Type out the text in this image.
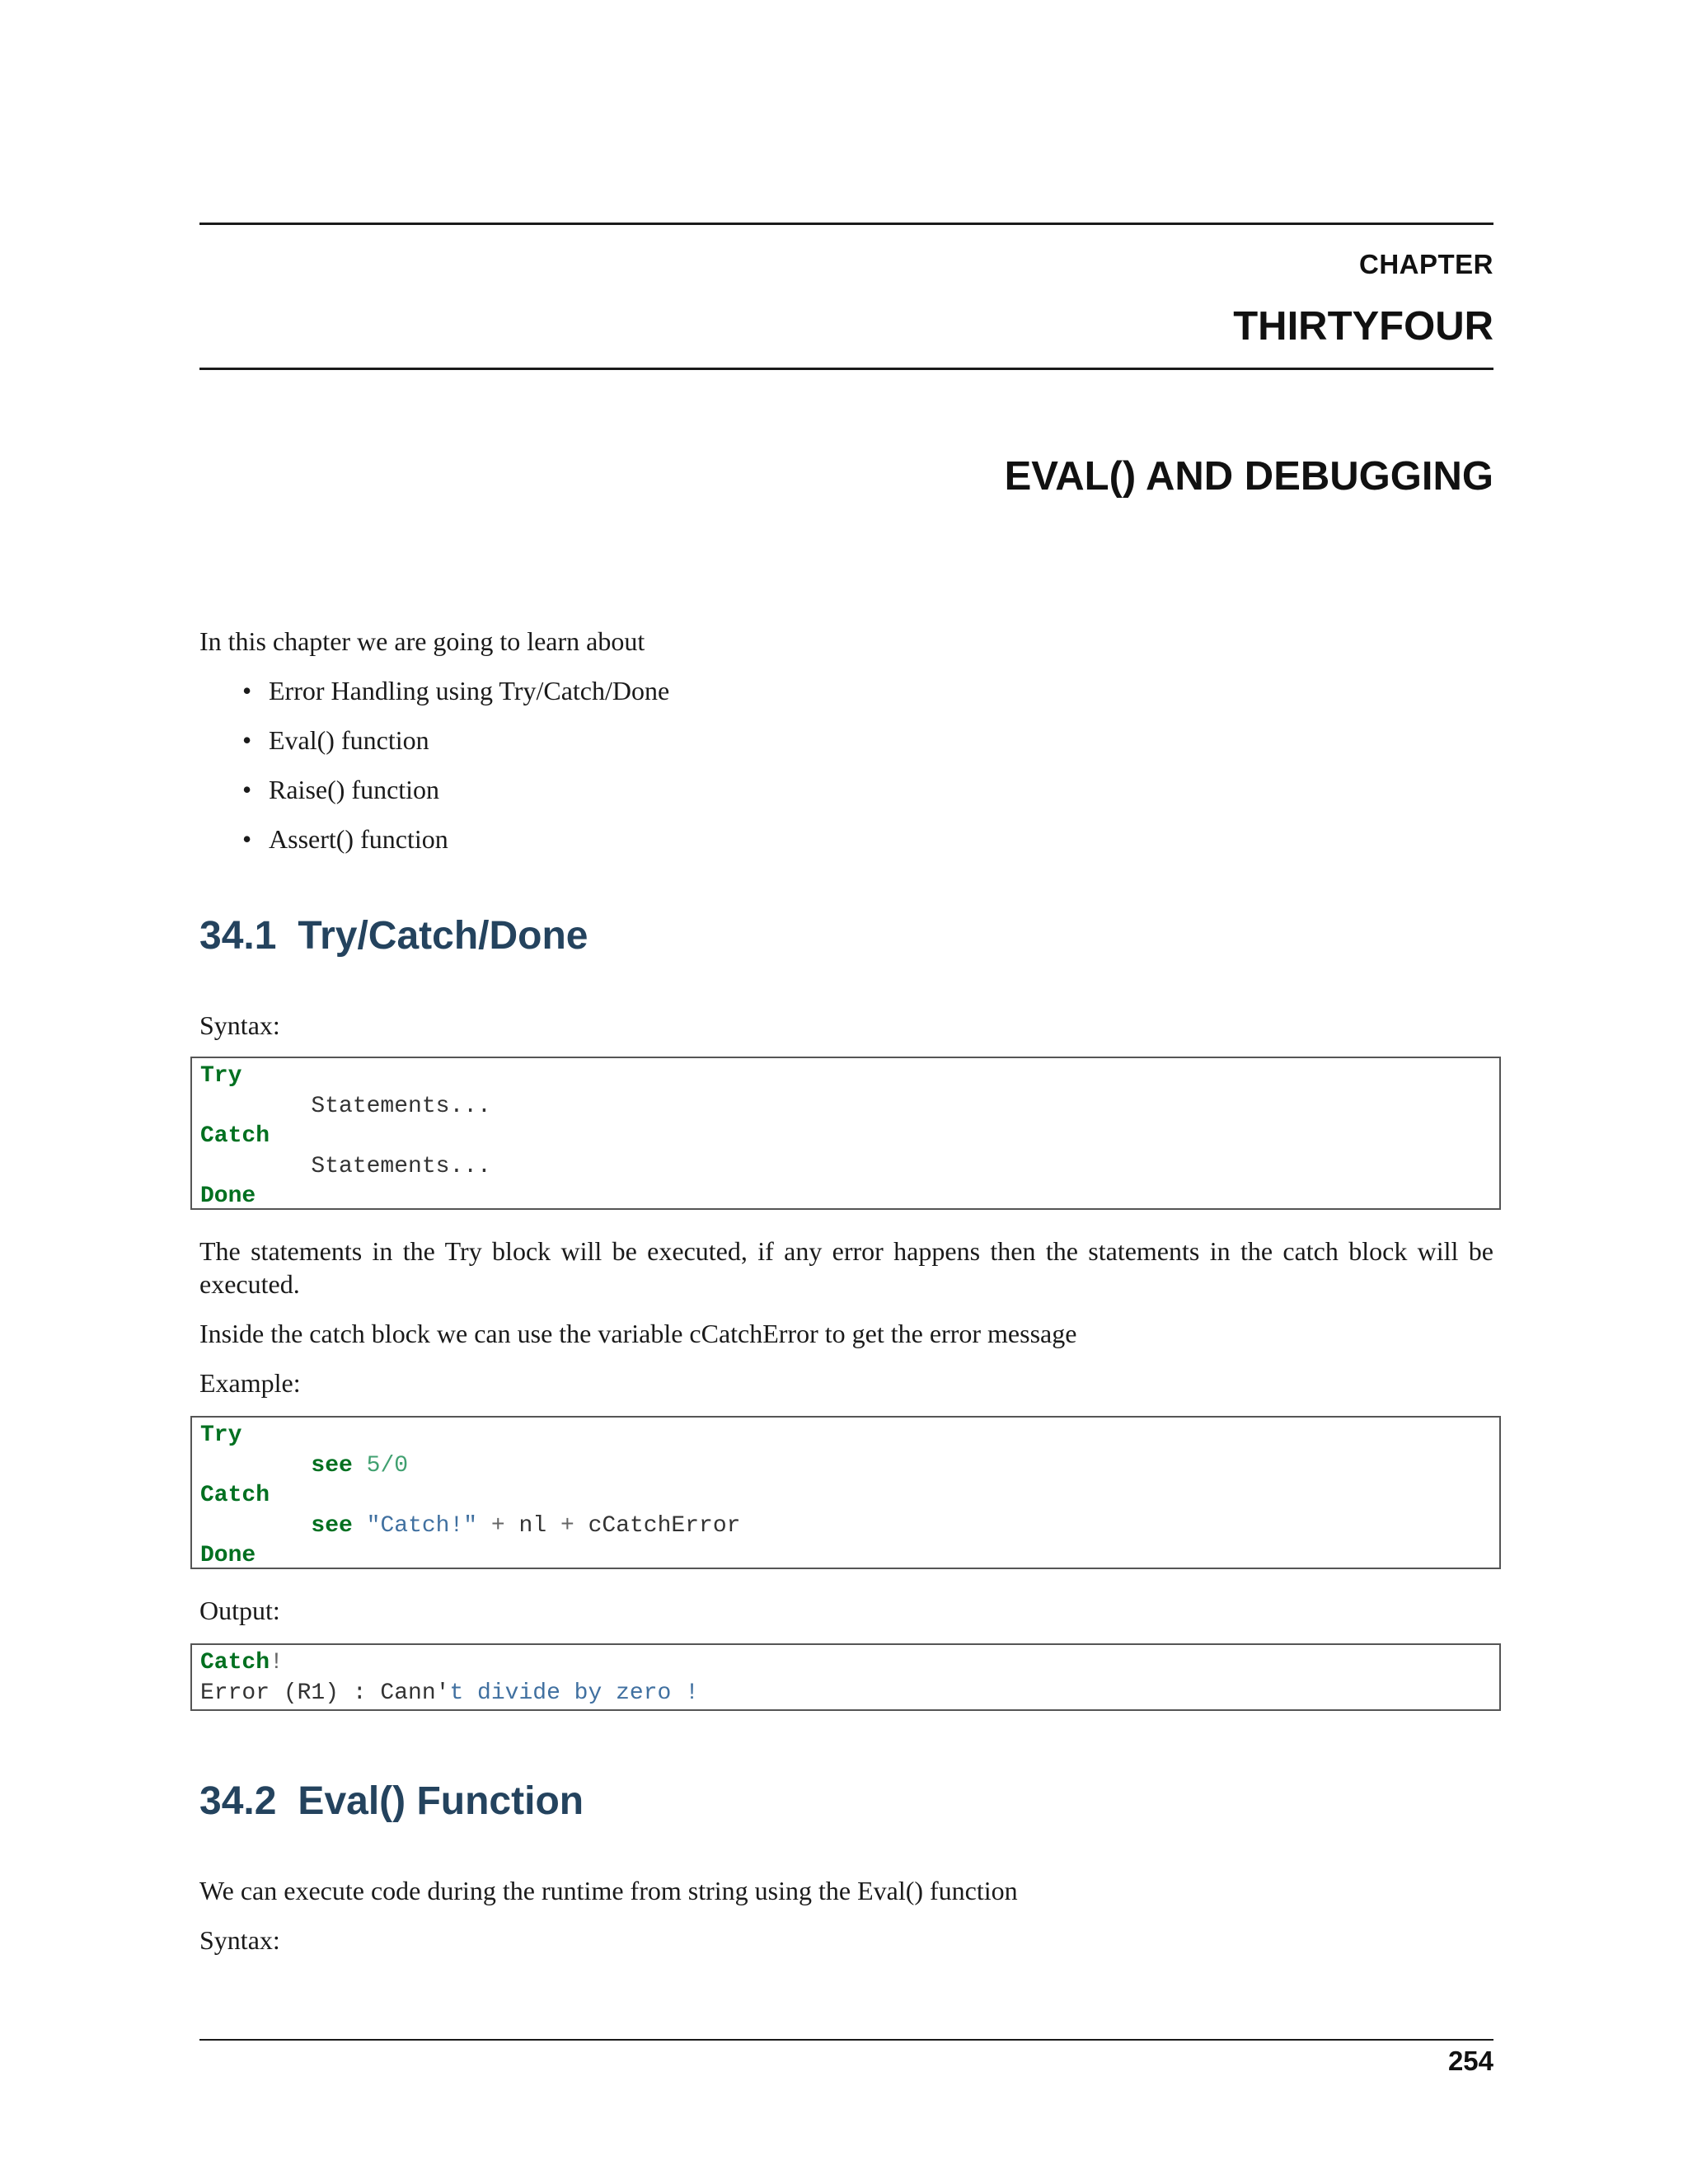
CHAPTER
THIRTYFOUR
EVAL() AND DEBUGGING

In this chapter we are going to learn about

• Error Handling using Try/Catch/Done
• Eval() function
• Raise() function
• Assert() function
34.1 Try/Catch/Done

Syntax:

Try
Statements...
Catch
Statements...
Done

The statements in the Try block will be executed, if any error happens then the statements in the catch block will be executed.

Inside the catch block we can use the variable cCatchError to get the error message

Example:

Try
see 5/0
Catch
see "Catch!" + nl + cCatchError
Done

Output:

Catch!
Error (R1) : Cann't divide by zero !
34.2 Eval() Function

We can execute code during the runtime from string using the Eval() function

Syntax:

254
